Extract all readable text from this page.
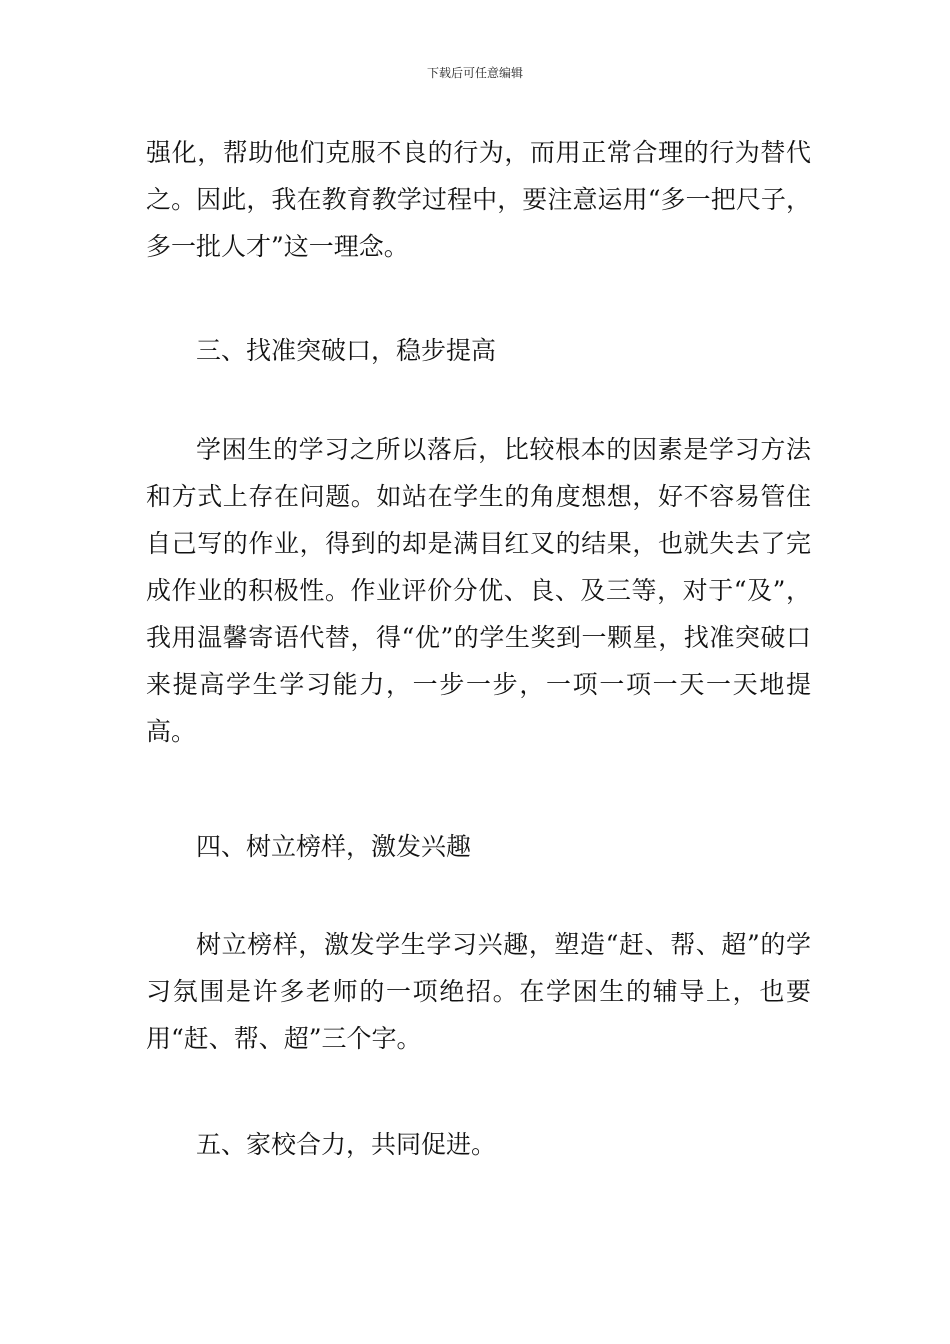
下载后可任意编辑

强化，帮助他们克服不良的行为，而用正常合理的行为替代之。因此，我在教育教学过程中，要注意运用“多一把尺子，多一批人才”这一理念。

三、找准突破口，稳步提高

学困生的学习之所以落后，比较根本的因素是学习方法和方式上存在问题。如站在学生的角度想想，好不容易管住自己写的作业，得到的却是满目红叉的结果，也就失去了完成作业的积极性。作业评价分优、良、及三等，对于“及”，我用温馨寄语代替，得“优”的学生奖到一颗星，找准突破口来提高学生学习能力，一步一步，一项一项一天一天地提高。

四、树立榜样，激发兴趣

树立榜样，激发学生学习兴趣，塑造“赶、帮、超”的学习氛围是许多老师的一项绝招。在学困生的辅导上，也要用“赶、帮、超”三个字。

五、家校合力，共同促进。
